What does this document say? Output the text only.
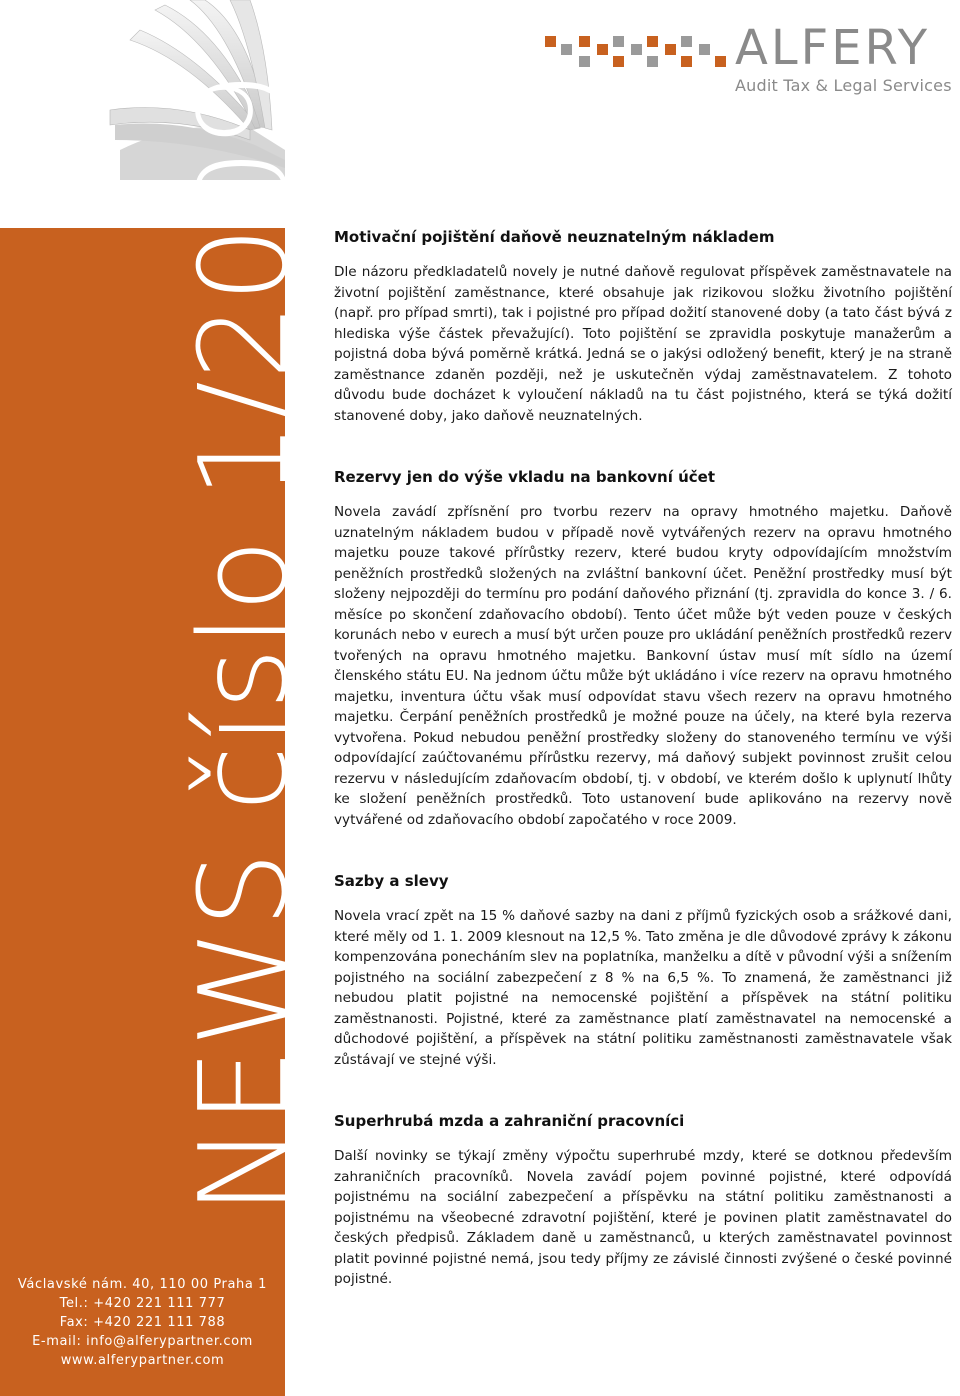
ALFERY
Audit Tax & Legal Services
NEWS číslo 1/2009
Václavské nám. 40, 110 00 Praha 1
Tel.: +420 221 111 777
Fax: +420 221 111 788
E-mail: info@alferypartner.com
www.alferypartner.com
Motivační pojištění daňově neuznatelným nákladem

Dle názoru předkladatelů novely je nutné daňově regulovat příspěvek zaměstnavatele na životní pojištění zaměstnance, které obsahuje jak rizikovou složku životního pojištění (např. pro případ smrti), tak i pojistné pro případ dožití stanovené doby (a tato část bývá z hlediska výše částek převažující). Toto pojištění se zpravidla poskytuje manažerům a pojistná doba bývá poměrně krátká. Jedná se o jakýsi odložený benefit, který je na straně zaměstnance zdaněn později, než je uskutečněn výdaj zaměstnavatelem. Z tohoto důvodu bude docházet k vyloučení nákladů na tu část pojistného, která se týká dožití stanovené doby, jako daňově neuznatelných.

Rezervy jen do výše vkladu na bankovní účet

Novela zavádí zpřísnění pro tvorbu rezerv na opravy hmotného majetku. Daňově uznatelným nákladem budou v případě nově vytvářených rezerv na opravu hmotného majetku pouze takové přírůstky rezerv, které budou kryty odpovídajícím množstvím peněžních prostředků složených na zvláštní bankovní účet. Peněžní prostředky musí být složeny nejpozději do termínu pro podání daňového přiznání (tj. zpravidla do konce 3. / 6. měsíce po skončení zdaňovacího období). Tento účet může být veden pouze v českých korunách nebo v eurech a musí být určen pouze pro ukládání peněžních prostředků rezerv tvořených na opravu hmotného majetku. Bankovní ústav musí mít sídlo na území členského státu EU. Na jednom účtu může být ukládáno i více rezerv na opravu hmotného majetku, inventura účtu však musí odpovídat stavu všech rezerv na opravu hmotného majetku. Čerpání peněžních prostředků je možné pouze na účely, na které byla rezerva vytvořena. Pokud nebudou peněžní prostředky složeny do stanoveného termínu ve výši odpovídající zaúčtovanému přírůstku rezervy, má daňový subjekt povinnost zrušit celou rezervu v následujícím zdaňovacím období, tj. v období, ve kterém došlo k uplynutí lhůty ke složení peněžních prostředků. Toto ustanovení bude aplikováno na rezervy nově vytvářené od zdaňovacího období započatého v roce 2009.

Sazby a slevy

Novela vrací zpět na 15 % daňové sazby na dani z příjmů fyzických osob a srážkové dani, které měly od 1. 1. 2009 klesnout na 12,5 %. Tato změna je dle důvodové zprávy k zákonu kompenzována ponecháním slev na poplatníka, manželku a dítě v původní výši a snížením pojistného na sociální zabezpečení z 8 % na 6,5 %. To znamená, že zaměstnanci již nebudou platit pojistné na nemocenské pojištění a příspěvek na státní politiku zaměstnanosti. Pojistné, které za zaměstnance platí zaměstnavatel na nemocenské a důchodové pojištění, a příspěvek na státní politiku zaměstnanosti zaměstnavatele však zůstávají ve stejné výši.

Superhrubá mzda a zahraniční pracovníci

Další novinky se týkají změny výpočtu superhrubé mzdy, které se dotknou především zahraničních pracovníků. Novela zavádí pojem povinné pojistné, které odpovídá pojistnému na sociální zabezpečení a příspěvku na státní politiku zaměstnanosti a pojistnému na všeobecné zdravotní pojištění, které je povinen platit zaměstnavatel do českých předpisů. Základem daně u zaměstnanců, u kterých zaměstnavatel povinnost platit povinné pojistné nemá, jsou tedy příjmy ze závislé činnosti zvýšené o české povinné pojistné.
